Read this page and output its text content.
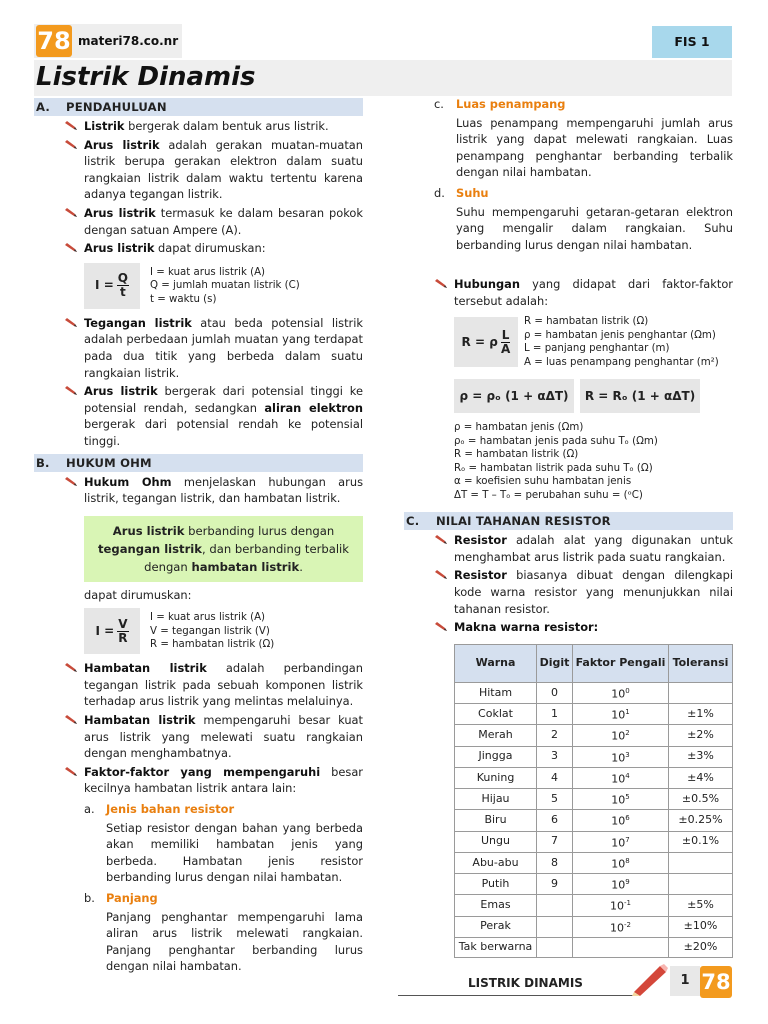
78 materi78.co.nr	FIS 1
Listrik Dinamis
A.	PENDAHULUAN
Listrik bergerak dalam bentuk arus listrik.
Arus listrik adalah gerakan muatan-muatan listrik berupa gerakan elektron dalam suatu rangkaian listrik dalam waktu tertentu karena adanya tegangan listrik.
Arus listrik termasuk ke dalam besaran pokok dengan satuan Ampere (A).
Arus listrik dapat dirumuskan:
$I = \frac{Q}{t}$
I = kuat arus listrik (A)
Q = jumlah muatan listrik (C)
t = waktu (s)
Tegangan listrik atau beda potensial listrik adalah perbedaan jumlah muatan yang terdapat pada dua titik yang berbeda dalam suatu rangkaian listrik.
Arus listrik bergerak dari potensial tinggi ke potensial rendah, sedangkan aliran elektron bergerak dari potensial rendah ke potensial tinggi.
B.	HUKUM OHM
Hukum Ohm menjelaskan hubungan arus listrik, tegangan listrik, dan hambatan listrik.
Arus listrik berbanding lurus dengan tegangan listrik, dan berbanding terbalik dengan hambatan listrik.
dapat dirumuskan:
$I = \frac{V}{R}$
I = kuat arus listrik (A)
V = tegangan listrik (V)
R = hambatan listrik (Ω)
Hambatan listrik adalah perbandingan tegangan listrik pada sebuah komponen listrik terhadap arus listrik yang melintas melaluinya.
Hambatan listrik mempengaruhi besar kuat arus listrik yang melewati suatu rangkaian dengan menghambatnya.
Faktor-faktor yang mempengaruhi besar kecilnya hambatan listrik antara lain:
a. Jenis bahan resistor
Setiap resistor dengan bahan yang berbeda akan memiliki hambatan jenis yang berbeda. Hambatan jenis resistor berbanding lurus dengan nilai hambatan.
b. Panjang
Panjang penghantar mempengaruhi lama aliran arus listrik melewati rangkaian. Panjang penghantar berbanding lurus dengan nilai hambatan.
c.	Luas penampang
Luas penampang mempengaruhi jumlah arus listrik yang dapat melewati rangkaian. Luas penampang penghantar berbanding terbalik dengan nilai hambatan.
d. Suhu
Suhu mempengaruhi getaran-getaran elektron yang mengalir dalam rangkaian. Suhu berbanding lurus dengan nilai hambatan.
Hubungan yang didapat dari faktor-faktor tersebut adalah:
R = ρ $\frac{L}{A}$
R = hambatan listrik (Ω)
ρ = hambatan jenis penghantar (Ωm)
L = panjang penghantar (m)
A = luas penampang penghantar (m²)
ρ = ρₒ (1 + αΔT)	R = Rₒ (1 + αΔT)
ρ = hambatan jenis (Ωm)
ρₒ = hambatan jenis pada suhu Tₒ (Ωm)
R = hambatan listrik (Ω)
Rₒ = hambatan listrik pada suhu Tₒ (Ω)
α = koefisien suhu hambatan jenis
ΔT = T – Tₒ = perubahan suhu = (ᵒC)
C.	NILAI TAHANAN RESISTOR
Resistor adalah alat yang digunakan untuk menghambat arus listrik pada suatu rangkaian.
Resistor biasanya dibuat dengan dilengkapi kode warna resistor yang menunjukkan nilai tahanan resistor.
Makna warna resistor:
Warna	Digit	Faktor Pengali	Toleransi
Hitam	0	$10^0$	
Coklat	1	$10^1$	±1%
Merah	2	$10^2$	±2%
Jingga	3	$10^3$	±3%
Kuning	4	$10^4$	±4%
Hijau	5	$10^5$	±0.5%
Biru	6	$10^6$	±0.25%
Ungu	7	$10^7$	±0.1%
Abu-abu	8	$10^8$	
Putih	9	$10^9$	
Emas		$10^{-1}$	±5%
Perak		$10^{-2}$	±10%
Tak berwarna			±20%
LISTRIK DINAMIS	1 78
